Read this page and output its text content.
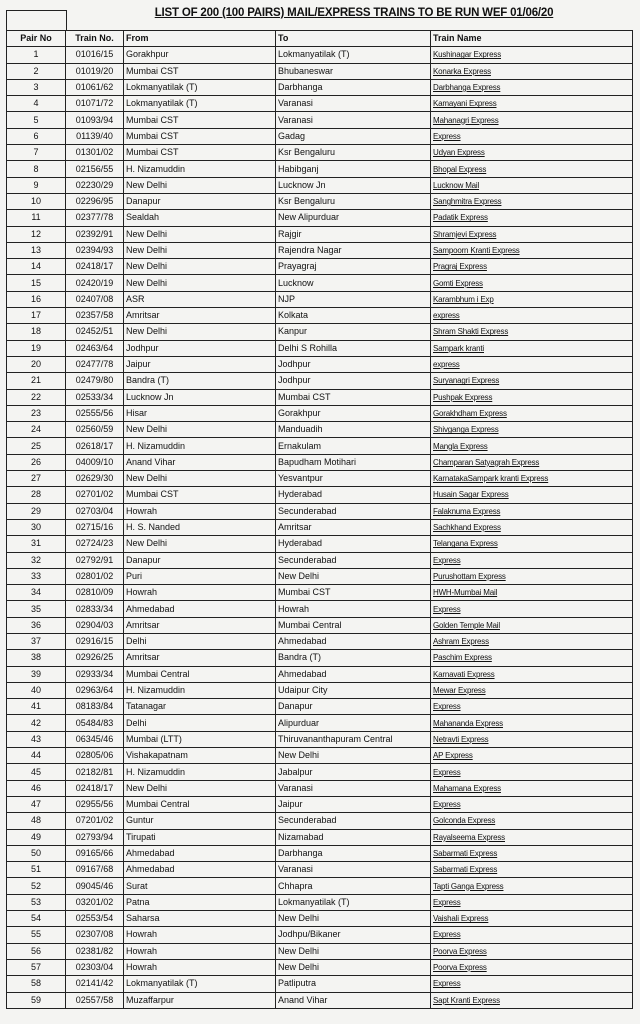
LIST OF 200 (100 PAIRS) MAIL/EXPRESS TRAINS TO BE RUN WEF 01/06/20
Pair No	Train No.	From	To	Train Name
1	01016/15	Gorakhpur	Lokmanyatilak (T)	Kushinagar Express
2	01019/20	Mumbai CST	Bhubaneswar	Konarka Express
3	01061/62	Lokmanyatilak (T)	Darbhanga	Darbhanga Express
4	01071/72	Lokmanyatilak (T)	Varanasi	Kamayani Express
5	01093/94	Mumbai CST	Varanasi	Mahanagri Express
6	01139/40	Mumbai CST	Gadag	Express
7	01301/02	Mumbai CST	Ksr Bengaluru	Udyan Express
8	02156/55	H. Nizamuddin	Habibganj	Bhopal Express
9	02230/29	New Delhi	Lucknow Jn	Lucknow Mail
10	02296/95	Danapur	Ksr Bengaluru	Sanghmitra Express
11	02377/78	Sealdah	New Alipurduar	Padatik Express
12	02392/91	New Delhi	Rajgir	Shramjevi Express
13	02394/93	New Delhi	Rajendra Nagar	Sampoorn Kranti Express
14	02418/17	New Delhi	Prayagraj	Pragraj Express
15	02420/19	New Delhi	Lucknow	Gomti Express
16	02407/08	ASR	NJP	Karambhum i Exp
17	02357/58	Amritsar	Kolkata	express
18	02452/51	New Delhi	Kanpur	Shram Shakti Express
19	02463/64	Jodhpur	Delhi S Rohilla	Sampark kranti
20	02477/78	Jaipur	Jodhpur	express
21	02479/80	Bandra (T)	Jodhpur	Suryanagri Express
22	02533/34	Lucknow Jn	Mumbai CST	Pushpak Express
23	02555/56	Hisar	Gorakhpur	Gorakhdham Express
24	02560/59	New Delhi	Manduadih	Shivganga Express
25	02618/17	H. Nizamuddin	Ernakulam	Mangla Express
26	04009/10	Anand Vihar	Bapudham Motihari	Champaran Satyagrah Express
27	02629/30	New Delhi	Yesvantpur	KarnatakaSampark kranti Express
28	02701/02	Mumbai CST	Hyderabad	Husain Sagar Express
29	02703/04	Howrah	Secunderabad	Falaknuma Express
30	02715/16	H. S. Nanded	Amritsar	Sachkhand Express
31	02724/23	New Delhi	Hyderabad	Telangana Express
32	02792/91	Danapur	Secunderabad	Express
33	02801/02	Puri	New Delhi	Purushottam Express
34	02810/09	Howrah	Mumbai CST	HWH-Mumbai Mail
35	02833/34	Ahmedabad	Howrah	Express
36	02904/03	Amritsar	Mumbai Central	Golden Temple Mail
37	02916/15	Delhi	Ahmedabad	Ashram Express
38	02926/25	Amritsar	Bandra (T)	Paschim Express
39	02933/34	Mumbai Central	Ahmedabad	Karnavati Express
40	02963/64	H. Nizamuddin	Udaipur City	Mewar Express
41	08183/84	Tatanagar	Danapur	Express
42	05484/83	Delhi	Alipurduar	Mahananda Express
43	06345/46	Mumbai (LTT)	Thiruvananthapuram Central	Netravti Express
44	02805/06	Vishakapatnam	New Delhi	AP Express
45	02182/81	H. Nizamuddin	Jabalpur	Express
46	02418/17	New Delhi	Varanasi	Mahamana Express
47	02955/56	Mumbai Central	Jaipur	Express
48	07201/02	Guntur	Secunderabad	Golconda Express
49	02793/94	Tirupati	Nizamabad	Rayalseema Express
50	09165/66	Ahmedabad	Darbhanga	Sabarmati Express
51	09167/68	Ahmedabad	Varanasi	Sabarmati Express
52	09045/46	Surat	Chhapra	Tapti Ganga Express
53	03201/02	Patna	Lokmanyatilak (T)	Express
54	02553/54	Saharsa	New Delhi	Vaishali Express
55	02307/08	Howrah	Jodhpu/Bikaner	Express
56	02381/82	Howrah	New Delhi	Poorva Express
57	02303/04	Howrah	New Delhi	Poorva Express
58	02141/42	Lokmanyatilak (T)	Patliputra	Express
59	02557/58	Muzaffarpur	Anand Vihar	Sapt Kranti Express
